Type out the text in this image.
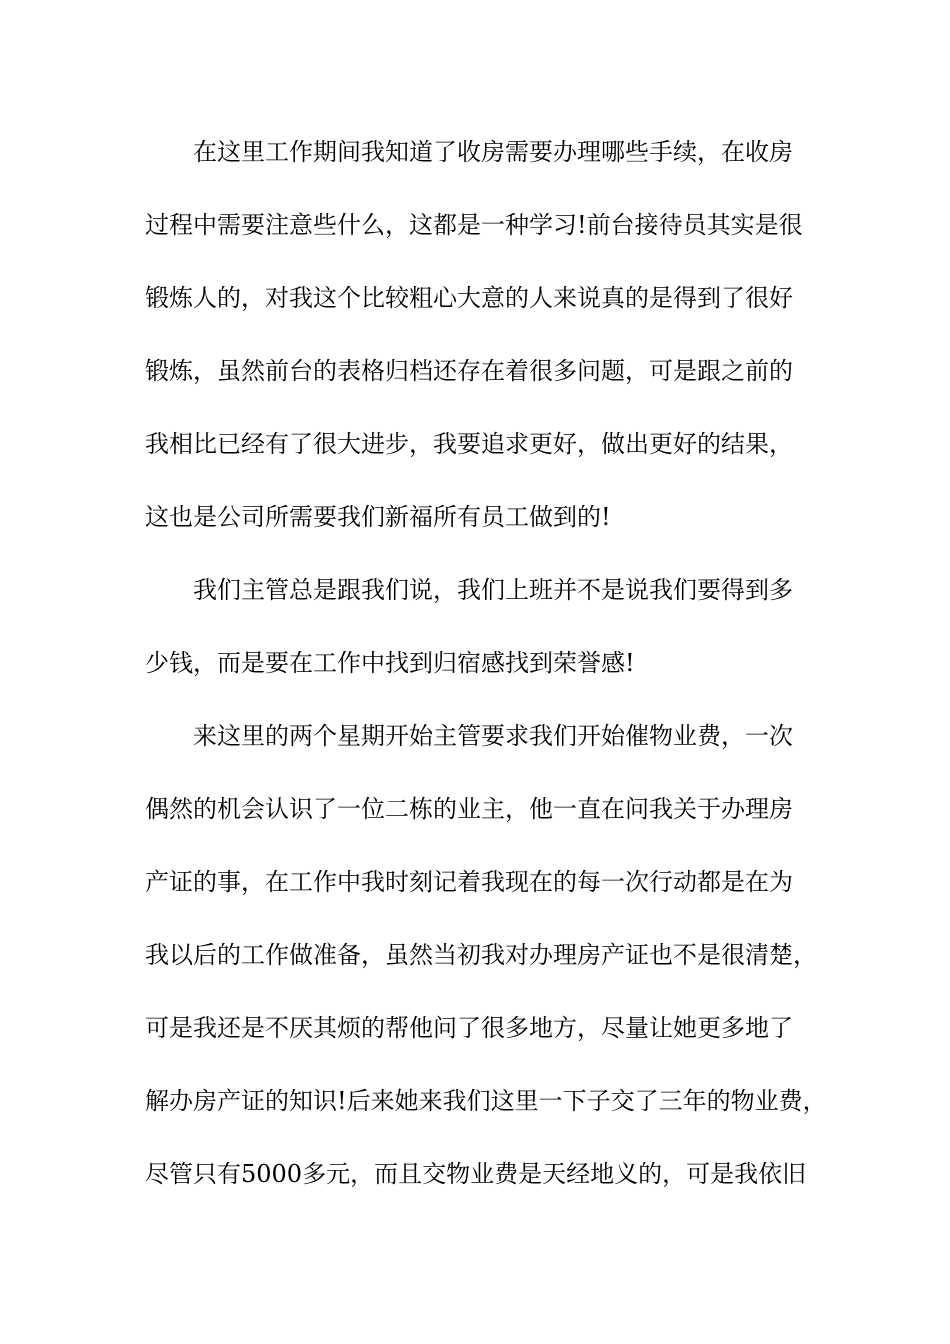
在这里工作期间我知道了收房需要办理哪些手续，在收房
过程中需要注意些什么，这都是一种学习!前台接待员其实是很
锻炼人的，对我这个比较粗心大意的人来说真的是得到了很好
锻炼，虽然前台的表格归档还存在着很多问题，可是跟之前的
我相比已经有了很大进步，我要追求更好，做出更好的结果，
这也是公司所需要我们新福所有员工做到的!
我们主管总是跟我们说，我们上班并不是说我们要得到多
少钱，而是要在工作中找到归宿感找到荣誉感!
来这里的两个星期开始主管要求我们开始催物业费，一次
偶然的机会认识了一位二栋的业主，他一直在问我关于办理房
产证的事，在工作中我时刻记着我现在的每一次行动都是在为
我以后的工作做准备，虽然当初我对办理房产证也不是很清楚，
可是我还是不厌其烦的帮他问了很多地方，尽量让她更多地了
解办房产证的知识!后来她来我们这里一下子交了三年的物业费，
尽管只有5000多元，而且交物业费是天经地义的，可是我依旧
